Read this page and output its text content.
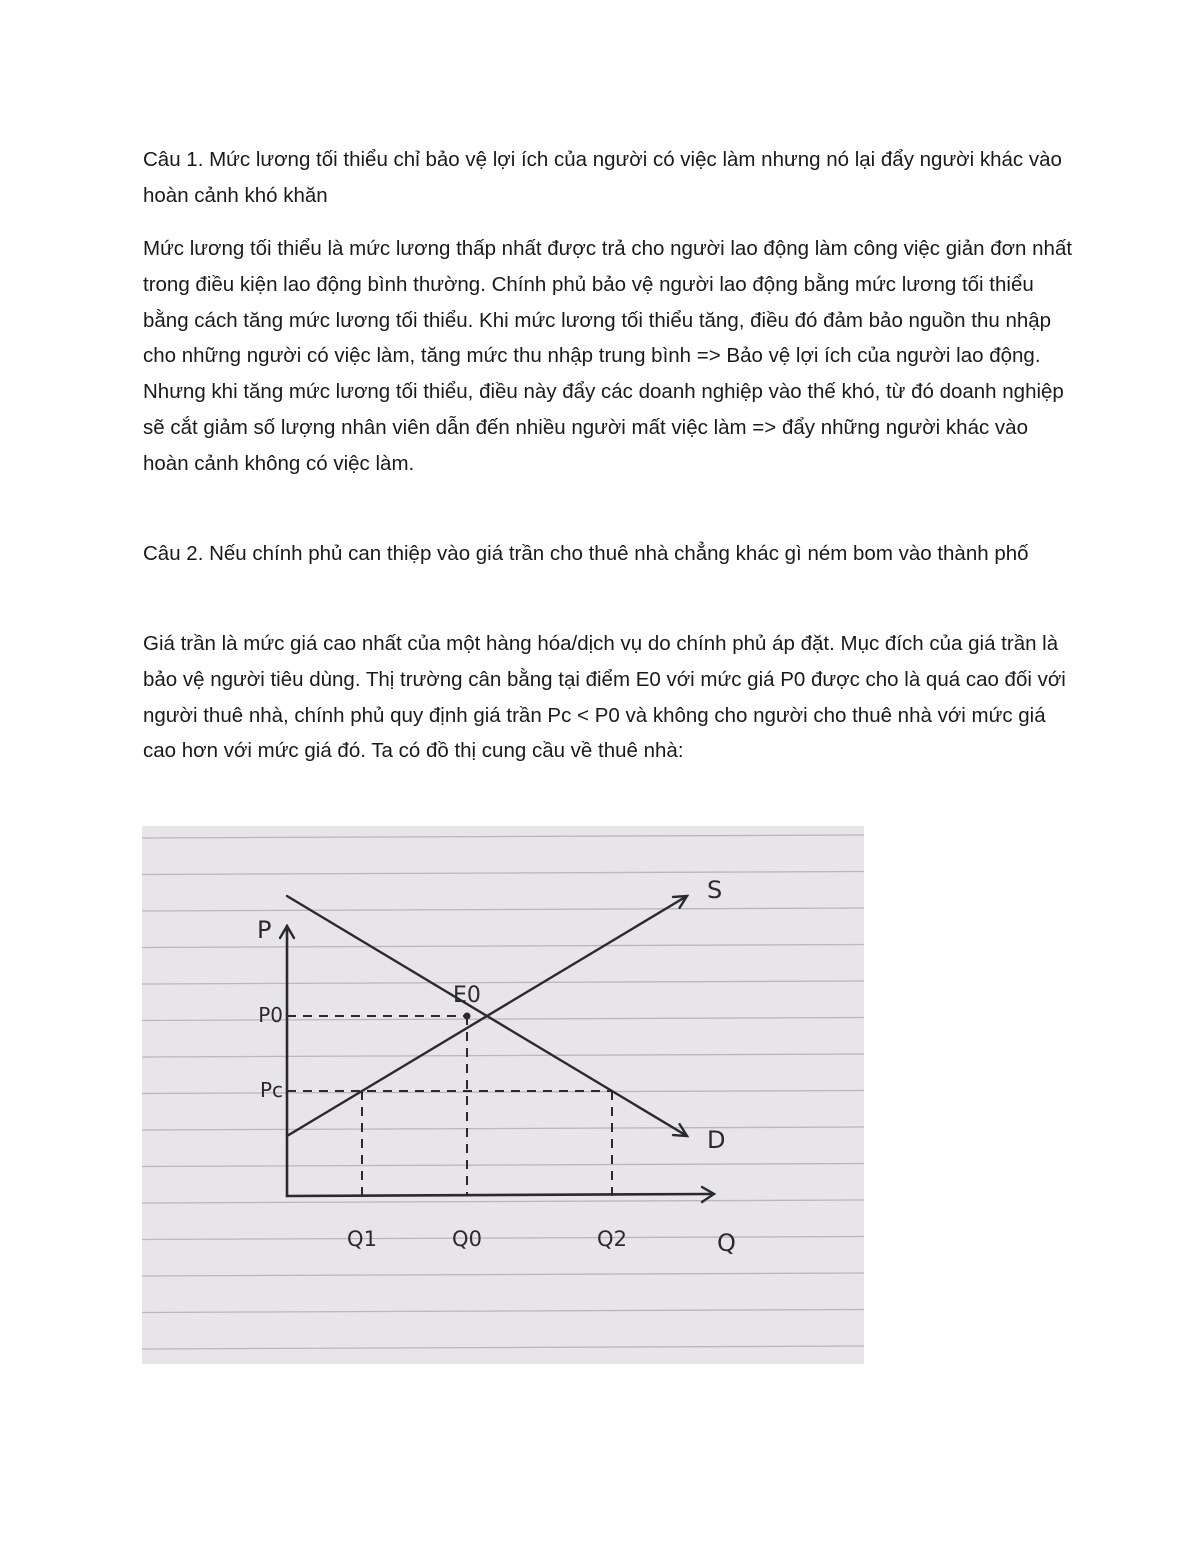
Câu 1. Mức lương tối thiểu chỉ bảo vệ lợi ích của người có việc làm nhưng nó lại đẩy người khác vào hoàn cảnh khó khăn

Mức lương tối thiểu là mức lương thấp nhất được trả cho người lao động làm công việc giản đơn nhất trong điều kiện lao động bình thường. Chính phủ bảo vệ người lao động bằng mức lương tối thiểu bằng cách tăng mức lương tối thiểu. Khi mức lương tối thiểu tăng, điều đó đảm bảo nguồn thu nhập cho những người có việc làm, tăng mức thu nhập trung bình => Bảo vệ lợi ích của người lao động. Nhưng khi tăng mức lương tối thiểu, điều này đẩy các doanh nghiệp vào thế khó, từ đó doanh nghiệp sẽ cắt giảm số lượng nhân viên dẫn đến nhiều người mất việc làm => đẩy những người khác vào hoàn cảnh không có việc làm.

Câu 2. Nếu chính phủ can thiệp vào giá trần cho thuê nhà chẳng khác gì ném bom vào thành phố

Giá trần là mức giá cao nhất của một hàng hóa/dịch vụ do chính phủ áp đặt. Mục đích của giá trần là bảo vệ người tiêu dùng. Thị trường cân bằng tại điểm E0 với mức giá P0 được cho là quá cao đối với người thuê nhà, chính phủ quy định giá trần Pc < P0 và không cho người cho thuê nhà với mức giá cao hơn với mức giá đó. Ta có đồ thị cung cầu về thuê nhà:

P
Q
S
D
E0
P0
Pc
Q1	Q0	Q2
